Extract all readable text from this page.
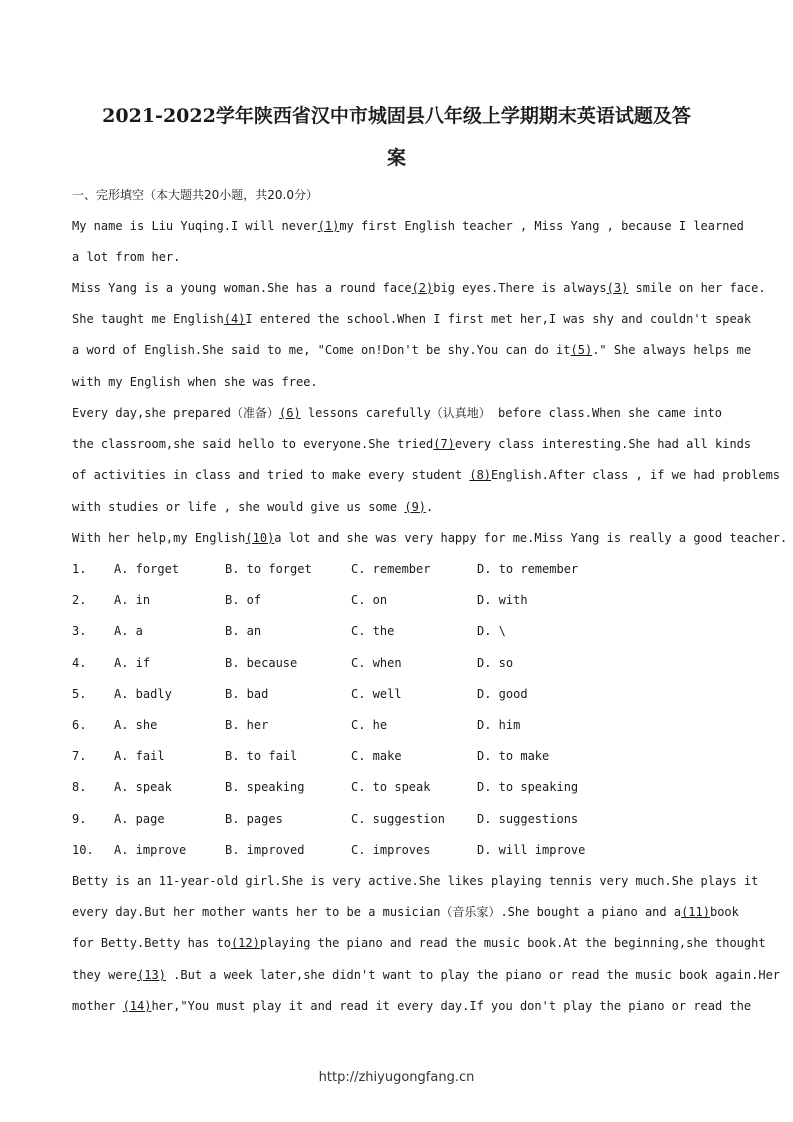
2021-2022学年陕西省汉中市城固县八年级上学期期末英语试题及答
案
一、完形填空（本大题共20小题，共20.0分）
My name is Liu Yuqing.I will never(1)my first English teacher , Miss Yang , because I learned
a lot from her.
Miss Yang is a young woman.She has a round face(2)big eyes.There is always(3) smile on her face.
She taught me English(4)I entered the school.When I first met her,I was shy and couldn't speak
a word of English.She said to me, "Come on!Don't be shy.You can do it(5)." She always helps me
with my English when she was free.
Every day,she prepared（准备）(6) lessons carefully（认真地） before class.When she came into
the classroom,she said hello to everyone.She tried(7)every class interesting.She had all kinds
of activities in class and tried to make every student (8)English.After class , if we had problems
with studies or life , she would give us some (9).
With her help,my English(10)a lot and she was very happy for me.Miss Yang is really a good teacher.
1. A. forget	B. to forget	C. remember	D. to remember
2. A. in	B. of	C. on	D. with
3. A. a	B. an	C. the	D. \
4. A. if	B. because	C. when	D. so
5. A. badly	B. bad	C. well	D. good
6. A. she	B. her	C. he	D. him
7. A. fail	B. to fail	C. make	D. to make
8. A. speak	B. speaking	C. to speak	D. to speaking
9. A. page	B. pages	C. suggestion	D. suggestions
10. A. improve	B. improved	C. improves	D. will improve
Betty is an 11-year-old girl.She is very active.She likes playing tennis very much.She plays it
every day.But her mother wants her to be a musician（音乐家）.She bought a piano and a(11)book
for Betty.Betty has to(12)playing the piano and read the music book.At the beginning,she thought
they were(13) .But a week later,she didn't want to play the piano or read the music book again.Her
mother (14)her,"You must play it and read it every day.If you don't play the piano or read the
http://zhiyugongfang.cn
